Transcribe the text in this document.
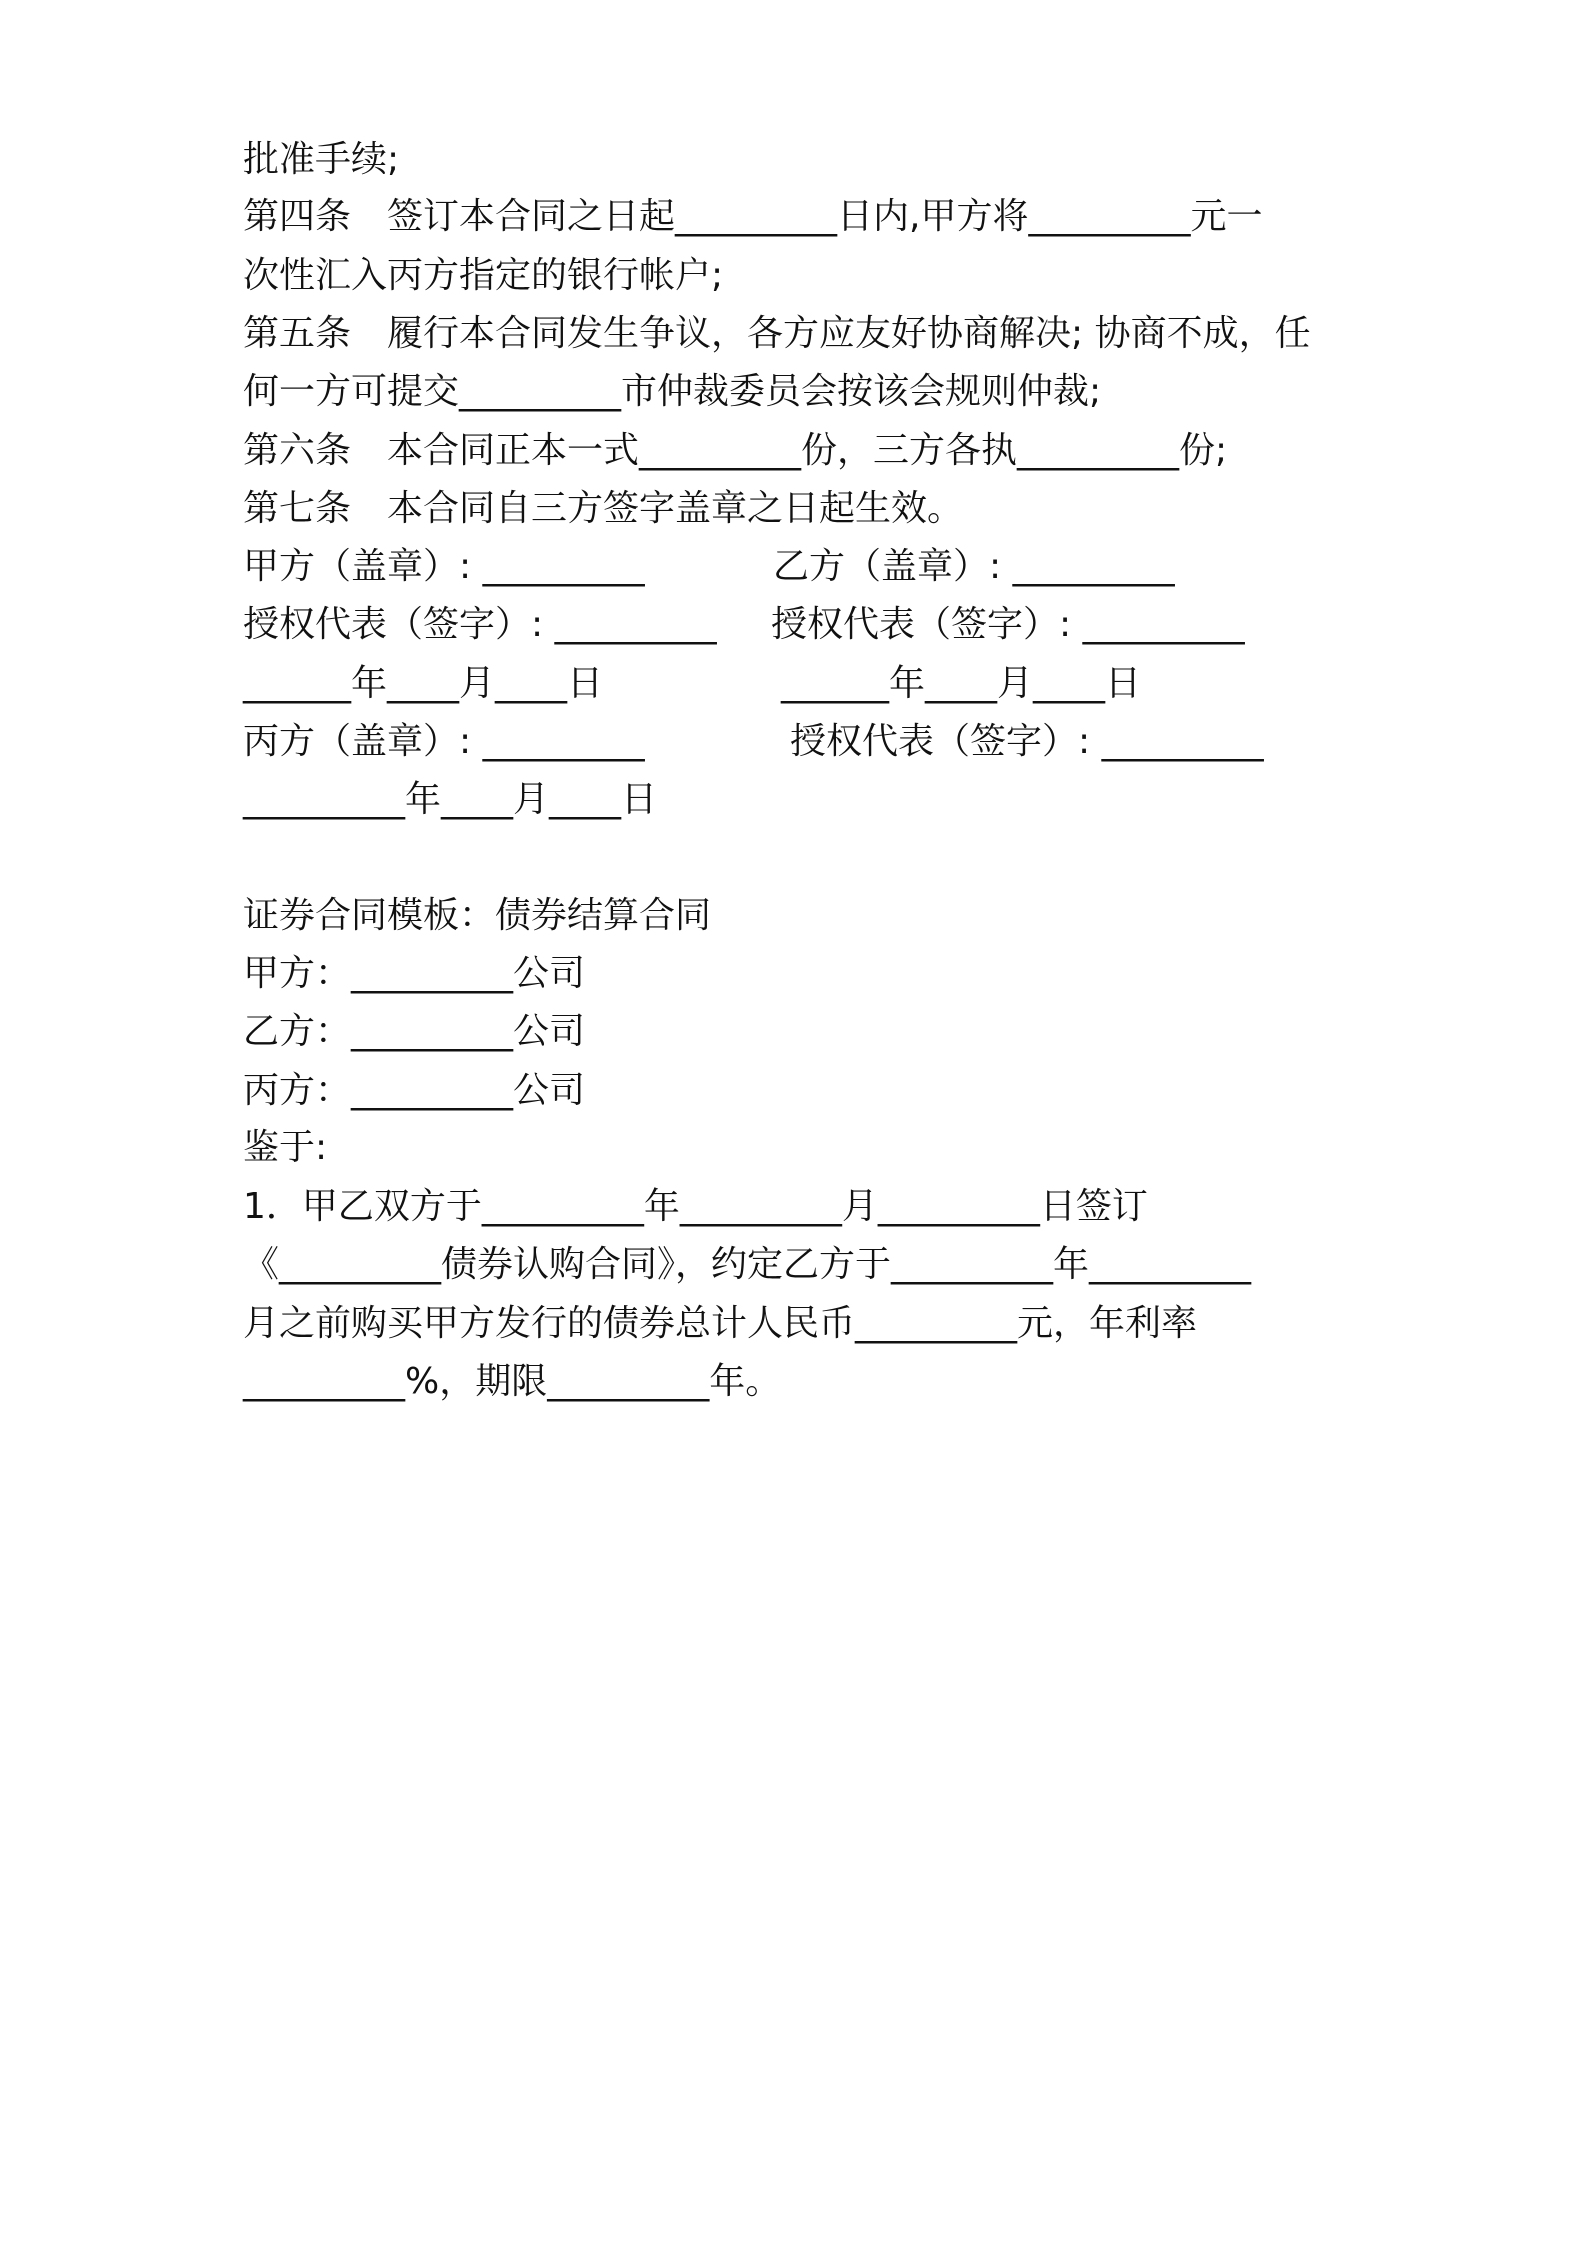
批准手续;
第四条　签订本合同之日起_________日内,甲方将_________元一
次性汇入丙方指定的银行帐户;
第五条　履行本合同发生争议，各方应友好协商解决; 协商不成，任
何一方可提交_________市仲裁委员会按该会规则仲裁;
第六条　本合同正本一式_________份，三方各执_________份;
第七条　本合同自三方签字盖章之日起生效。
甲方（盖章）: _________	乙方（盖章）: _________
授权代表（签字）: _________ 授权代表（签字）: _________
______年____月____日	______年____月____日
丙方（盖章）: _________	授权代表（签字）: _________
_________年____月____日
证券合同模板：债券结算合同
甲方：_________公司
乙方：_________公司
丙方：_________公司
鉴于:
1．甲乙双方于_________年_________月_________日签订
《_________债券认购合同》，约定乙方于_________年_________
月之前购买甲方发行的债券总计人民币_________元，年利率
_________%，期限_________年。
